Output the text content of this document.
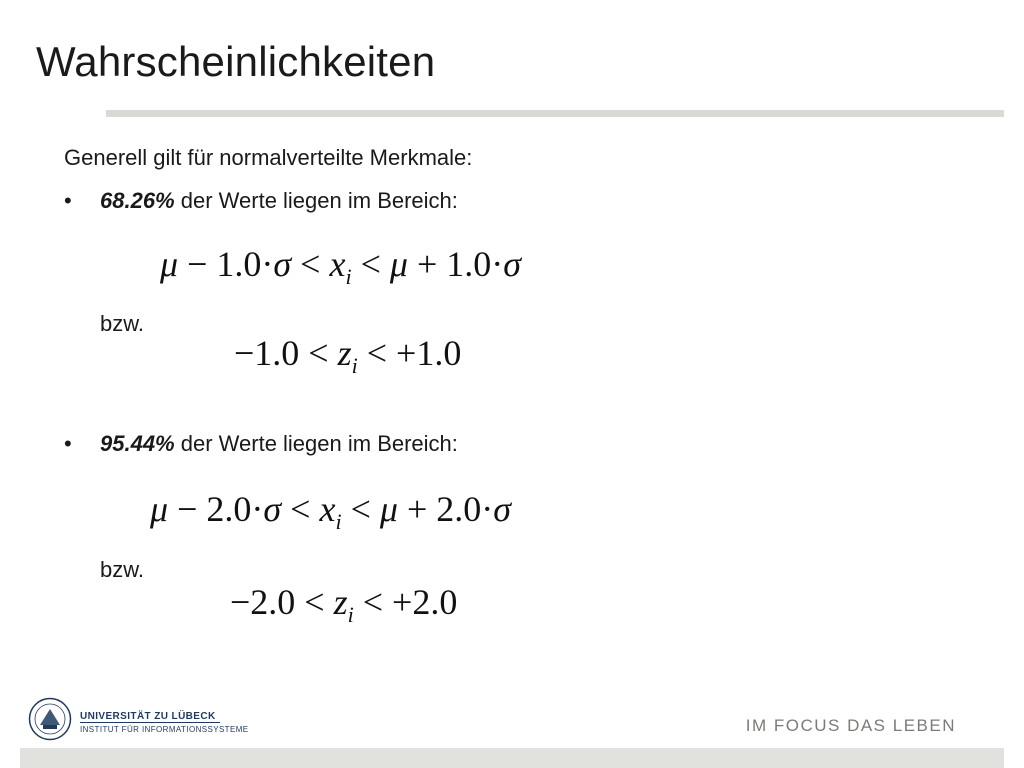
Wahrscheinlichkeiten
Generell gilt für normalverteilte Merkmale:
• 68.26% der Werte liegen im Bereich:
$\mu - 1.0\cdot\sigma < x_i < \mu + 1.0\cdot\sigma$
bzw.
$-1.0 < z_i < +1.0$
• 95.44% der Werte liegen im Bereich:
$\mu - 2.0\cdot\sigma < x_i < \mu + 2.0\cdot\sigma$
bzw.
$-2.0 < z_i < +2.0$
UNIVERSITÄT ZU LÜBECK
INSTITUT FÜR INFORMATIONSSYSTEME	IM FOCUS DAS LEBEN
